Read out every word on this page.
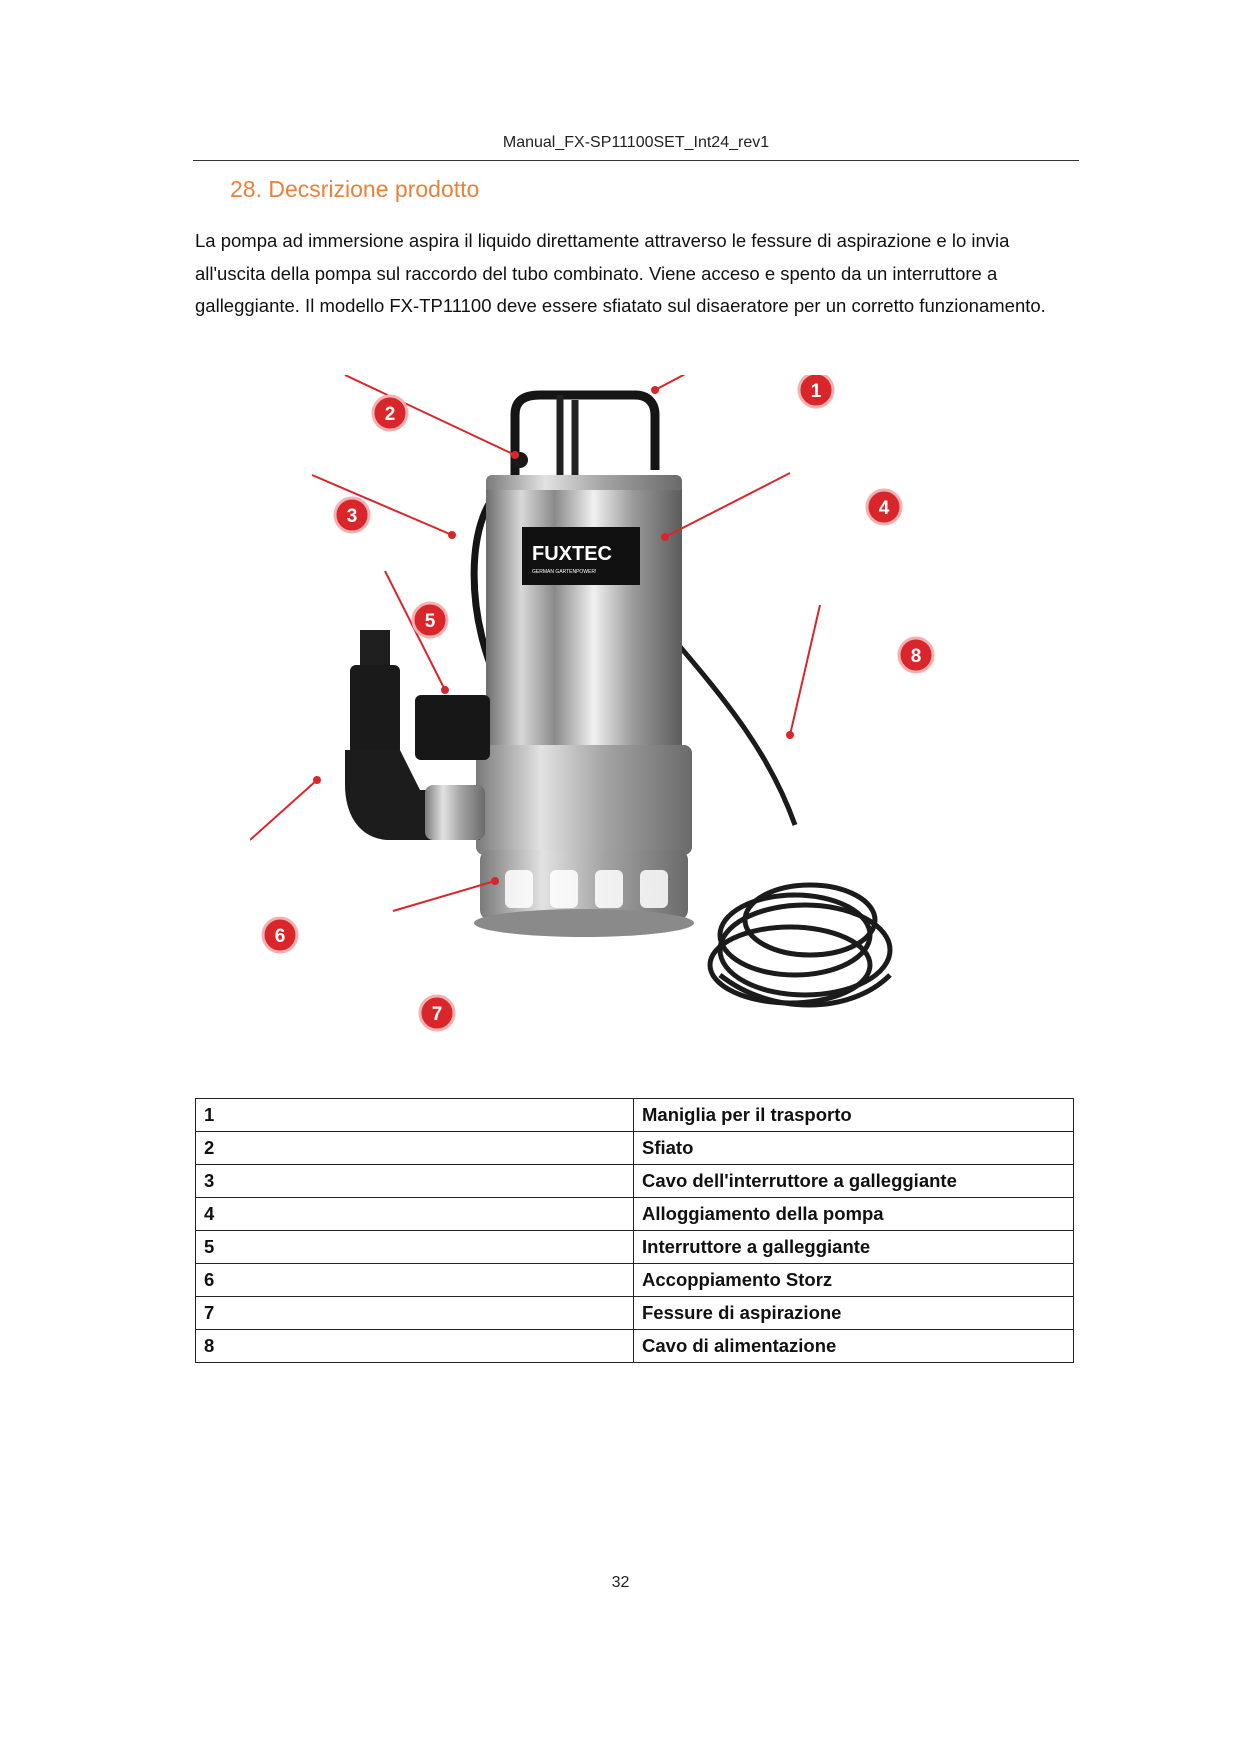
Manual_FX-SP11100SET_Int24_rev1
28. Decsrizione prodotto
La pompa ad immersione aspira il liquido direttamente attraverso le fessure di aspirazione e lo invia all'uscita della pompa sul raccordo del tubo combinato. Viene acceso e spento da un interruttore a galleggiante. Il modello FX-TP11100 deve essere sfiatato sul disaeratore per un corretto funzionamento.
FUXTEC
GERMAN GARTENPOWER!
1
2
3	4
5
6
7
8
1	Maniglia per il trasporto
2	Sfiato
3	Cavo dell'interruttore a galleggiante
4	Alloggiamento della pompa
5	Interruttore a galleggiante
6	Accoppiamento Storz
7	Fessure di aspirazione
8	Cavo di alimentazione
32
